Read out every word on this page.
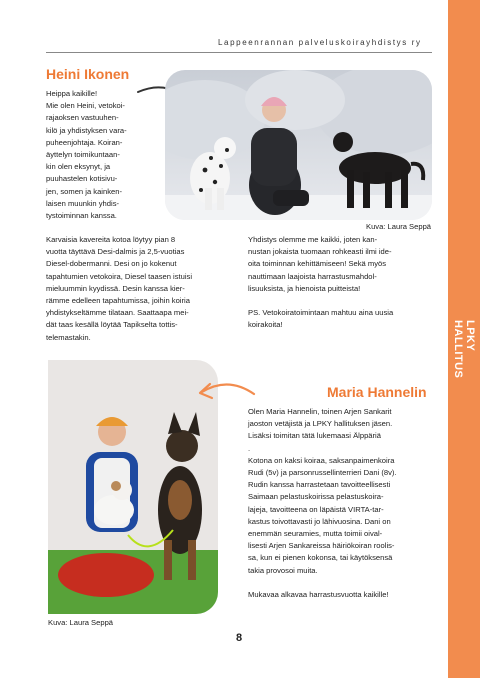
LPKY HALLITUS
Lappeenrannan palveluskoirayhdistys ry
Heini Ikonen

Heippa kaikille!

Mie olen Heini, vetokoi-

rajaoksen vastuuhen-

kilö ja yhdistyksen vara-

puheenjohtaja. Koiran-

äyttelyn toimikuntaan-

kin olen eksynyt, ja

puuhastelen kotisivu-

jen, somen ja kainken-

laisen muunkin yhdis-

tystoiminnan kanssa.

Kuva: Laura Seppä

Karvaisia kavereita kotoa löytyy pian 8

vuotta täyttävä Desi-dalmis ja 2,5-vuotias

Diesel-dobermanni. Desi on jo kokenut

tapahtumien vetokoira, Diesel taasen istuisi

mieluummin kyydissä. Desin kanssa kier-

rämme edelleen tapahtumissa, joihin koiria

yhdistykseltämme tilataan. Saattaapa mei-

dät taas kesällä löytää Tapikselta tottis-

telemastakin.

Yhdistys olemme me kaikki, joten kan-

nustan jokaista tuomaan rohkeasti ilmi ide-

oita toiminnan kehittämiseen! Sekä myös

nauttimaan laajoista harrastusmahdol-

lisuuksista, ja hienoista puitteista!

PS. Vetokoiratoimintaan mahtuu aina uusia

koirakoita!

Kuva: Laura Seppä
Maria Hannelin

Olen Maria Hannelin, toinen Arjen Sankarit

jaoston vetäjistä ja LPKY hallituksen jäsen.

Lisäksi toimitan tätä lukemaasi Älppäriä

.

Kotona on kaksi koiraa, saksanpaimenkoira

Rudi (5v) ja parsonrussellinterrieri Dani (8v).

Rudin kanssa harrastetaan tavoitteellisesti

Saimaan pelastuskoirissa pelastuskoira-

lajeja, tavoitteena on läpäistä VIRTA-tar-

kastus toivottavasti jo lähivuosina. Dani on

enemmän seuramies, mutta toimii oival-

lisesti Arjen Sankareissa häiriökoiran roolis-

sa, kun ei pienen kokonsa, tai käytöksensä

takia provosoi muita.

Mukavaa alkavaa harrastusvuotta kaikille!

8
